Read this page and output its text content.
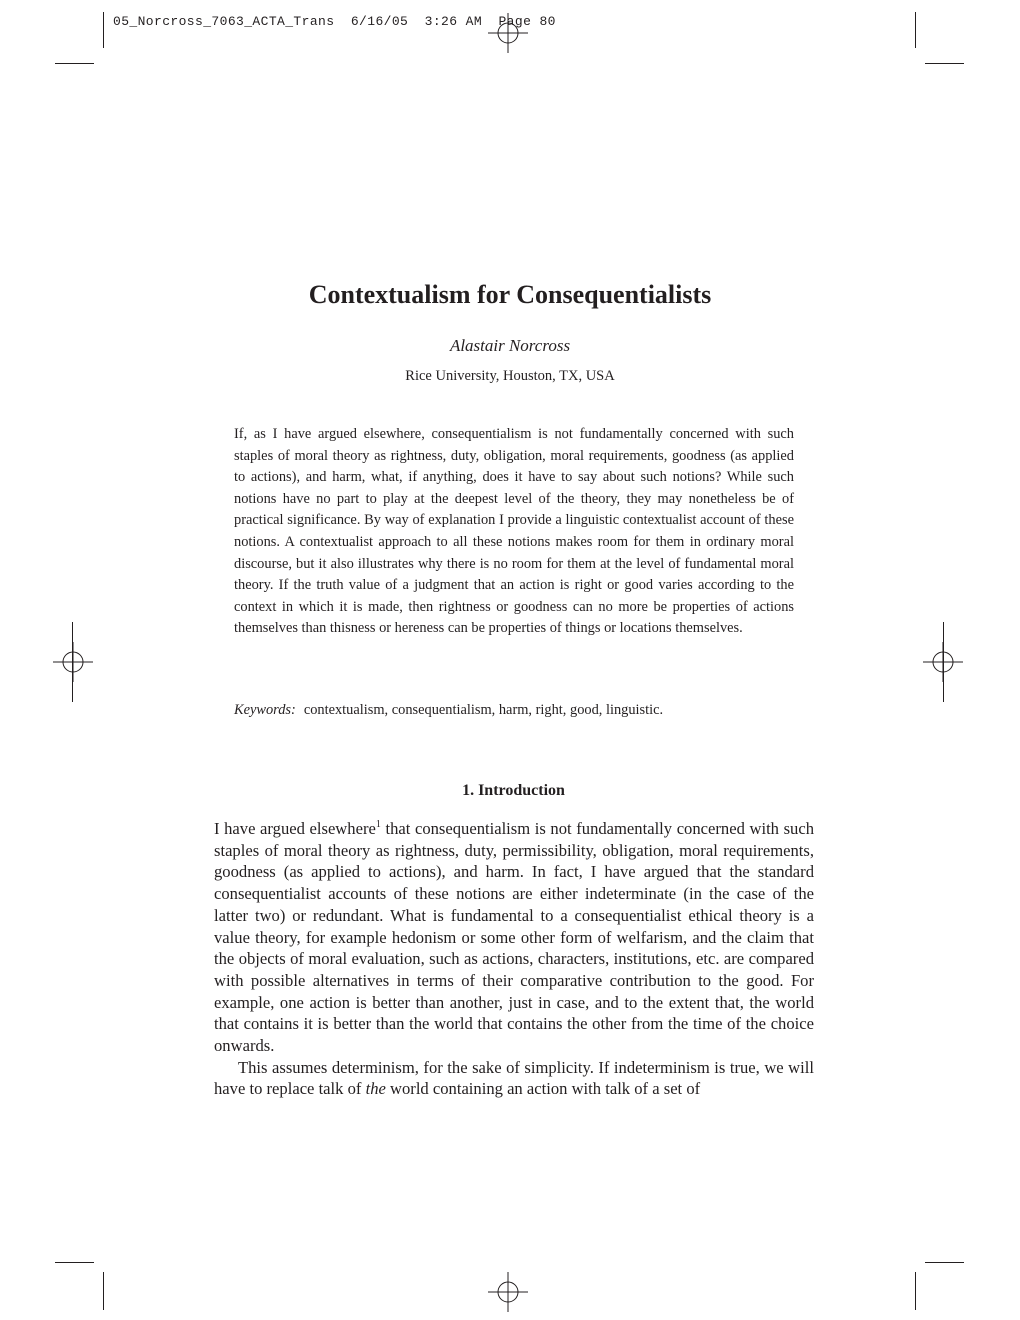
05_Norcross_7063_ACTA_Trans  6/16/05  3:26 AM  Page 80
Contextualism for Consequentialists
Alastair Norcross
Rice University, Houston, TX, USA
If, as I have argued elsewhere, consequentialism is not fundamentally concerned with such staples of moral theory as rightness, duty, obligation, moral requirements, goodness (as applied to actions), and harm, what, if anything, does it have to say about such notions? While such notions have no part to play at the deepest level of the theory, they may nonetheless be of practical significance. By way of explanation I provide a linguistic contextualist account of these notions. A contextualist approach to all these notions makes room for them in ordinary moral discourse, but it also illustrates why there is no room for them at the level of fundamental moral theory. If the truth value of a judgment that an action is right or good varies according to the context in which it is made, then rightness or goodness can no more be properties of actions themselves than thisness or hereness can be properties of things or locations themselves.
Keywords: contextualism, consequentialism, harm, right, good, linguistic.
1. Introduction

I have argued elsewhere$^1$ that consequentialism is not fundamentally concerned with such staples of moral theory as rightness, duty, permissibility, obligation, moral requirements, goodness (as applied to actions), and harm. In fact, I have argued that the standard consequentialist accounts of these notions are either indeterminate (in the case of the latter two) or redundant. What is fundamental to a consequentialist ethical theory is a value theory, for example hedonism or some other form of welfarism, and the claim that the objects of moral evaluation, such as actions, characters, institutions, etc. are compared with possible alternatives in terms of their comparative contribution to the good. For example, one action is better than another, just in case, and to the extent that, the world that contains it is better than the world that contains the other from the time of the choice onwards.

This assumes determinism, for the sake of simplicity. If indeterminism is true, we will have to replace talk of the world containing an action with talk of a set of
